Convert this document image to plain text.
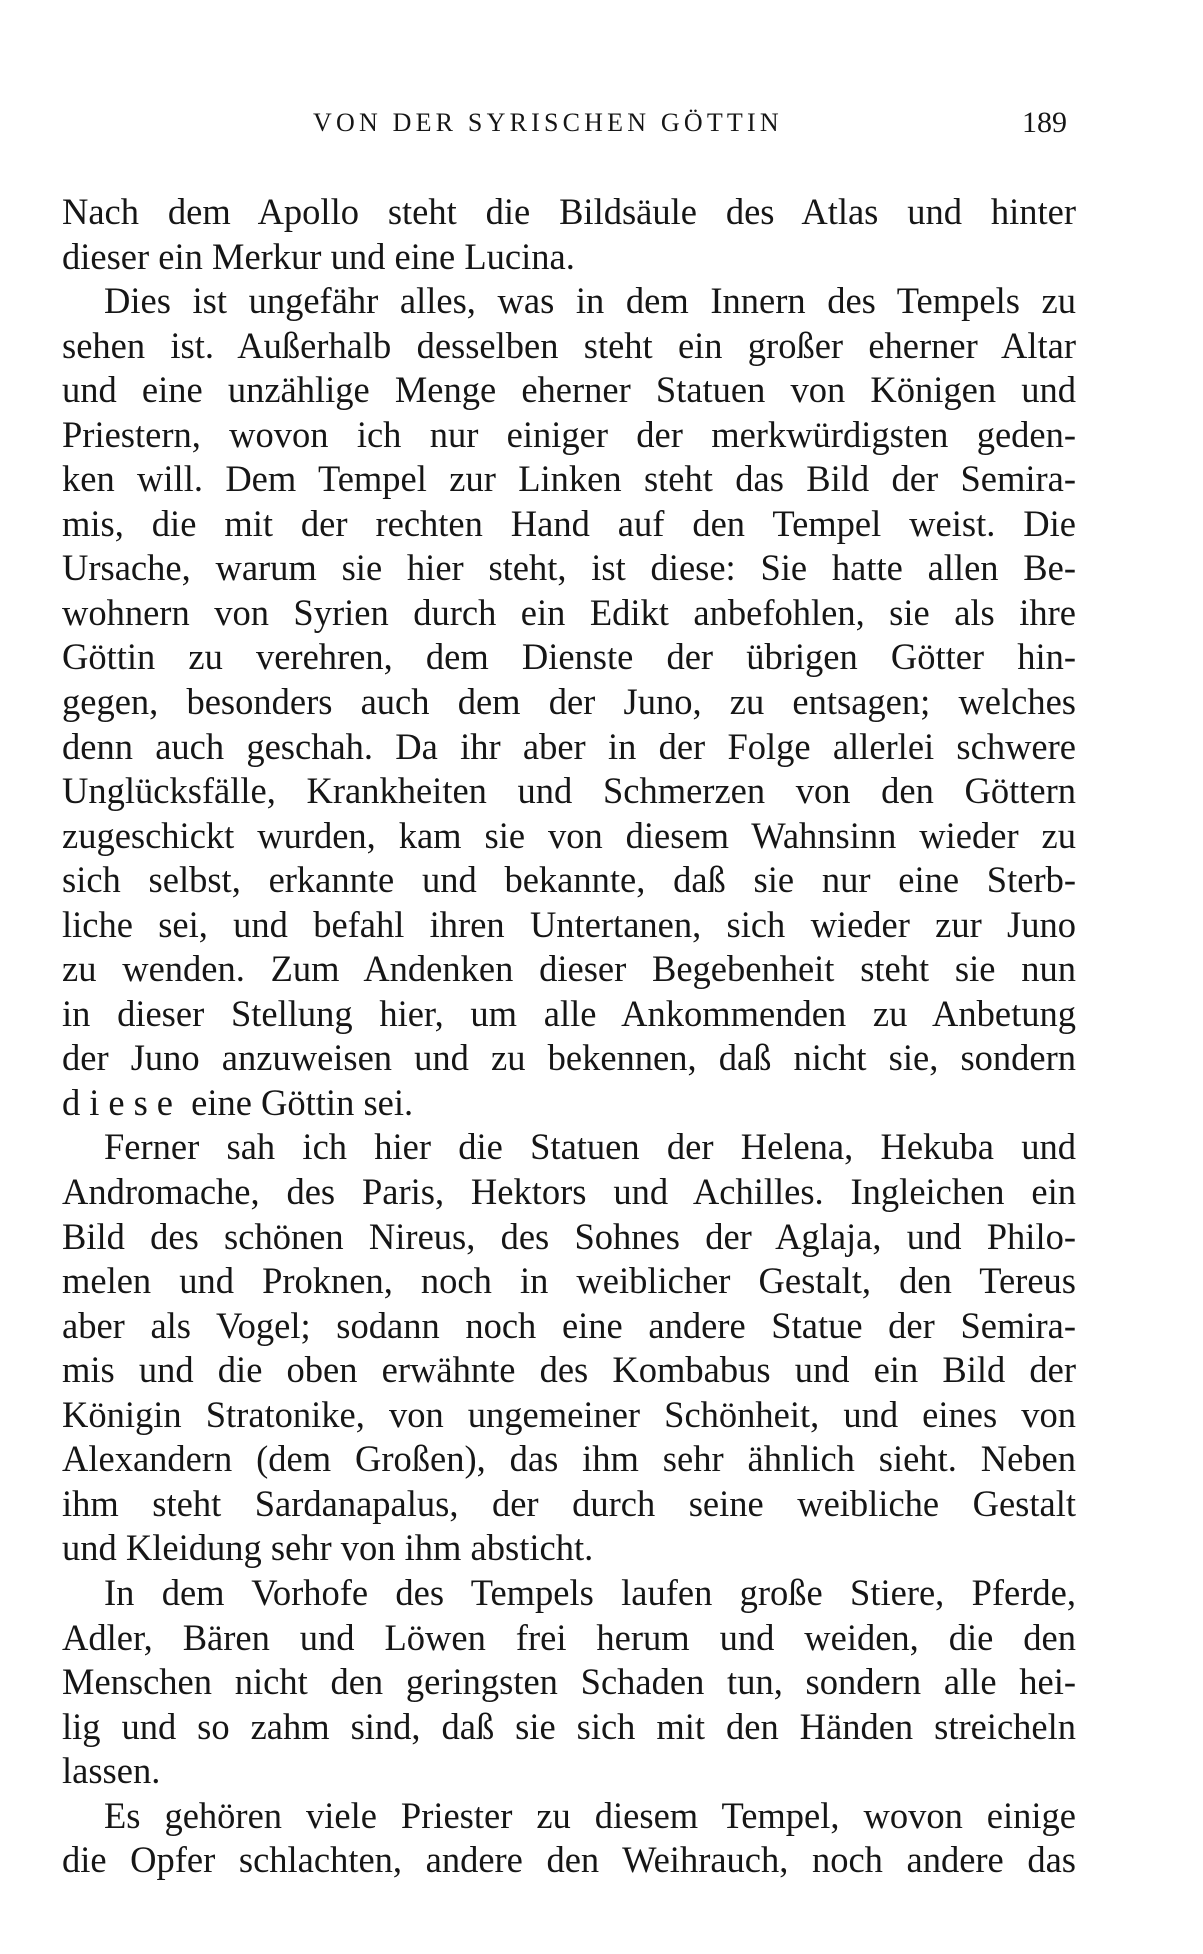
VON DER SYRISCHEN GÖTTIN	189
Nach dem Apollo steht die Bildsäule des Atlas und hinter
dieser ein Merkur und eine Lucina.
Dies ist ungefähr alles, was in dem Innern des Tempels zu
sehen ist. Außerhalb desselben steht ein großer eherner Altar
und eine unzählige Menge eherner Statuen von Königen und
Priestern, wovon ich nur einiger der merkwürdigsten geden-
ken will. Dem Tempel zur Linken steht das Bild der Semira-
mis, die mit der rechten Hand auf den Tempel weist. Die
Ursache, warum sie hier steht, ist diese: Sie hatte allen Be-
wohnern von Syrien durch ein Edikt anbefohlen, sie als ihre
Göttin zu verehren, dem Dienste der übrigen Götter hin-
gegen, besonders auch dem der Juno, zu entsagen; welches
denn auch geschah. Da ihr aber in der Folge allerlei schwere
Unglücksfälle, Krankheiten und Schmerzen von den Göttern
zugeschickt wurden, kam sie von diesem Wahnsinn wieder zu
sich selbst, erkannte und bekannte, daß sie nur eine Sterb-
liche sei, und befahl ihren Untertanen, sich wieder zur Juno
zu wenden. Zum Andenken dieser Begebenheit steht sie nun
in dieser Stellung hier, um alle Ankommenden zu Anbetung
der Juno anzuweisen und zu bekennen, daß nicht sie, sondern
diese eine Göttin sei.
Ferner sah ich hier die Statuen der Helena, Hekuba und
Andromache, des Paris, Hektors und Achilles. Ingleichen ein
Bild des schönen Nireus, des Sohnes der Aglaja, und Philo-
melen und Proknen, noch in weiblicher Gestalt, den Tereus
aber als Vogel; sodann noch eine andere Statue der Semira-
mis und die oben erwähnte des Kombabus und ein Bild der
Königin Stratonike, von ungemeiner Schönheit, und eines von
Alexandern (dem Großen), das ihm sehr ähnlich sieht. Neben
ihm steht Sardanapalus, der durch seine weibliche Gestalt
und Kleidung sehr von ihm absticht.
In dem Vorhofe des Tempels laufen große Stiere, Pferde,
Adler, Bären und Löwen frei herum und weiden, die den
Menschen nicht den geringsten Schaden tun, sondern alle hei-
lig und so zahm sind, daß sie sich mit den Händen streicheln
lassen.
Es gehören viele Priester zu diesem Tempel, wovon einige
die Opfer schlachten, andere den Weihrauch, noch andere das
